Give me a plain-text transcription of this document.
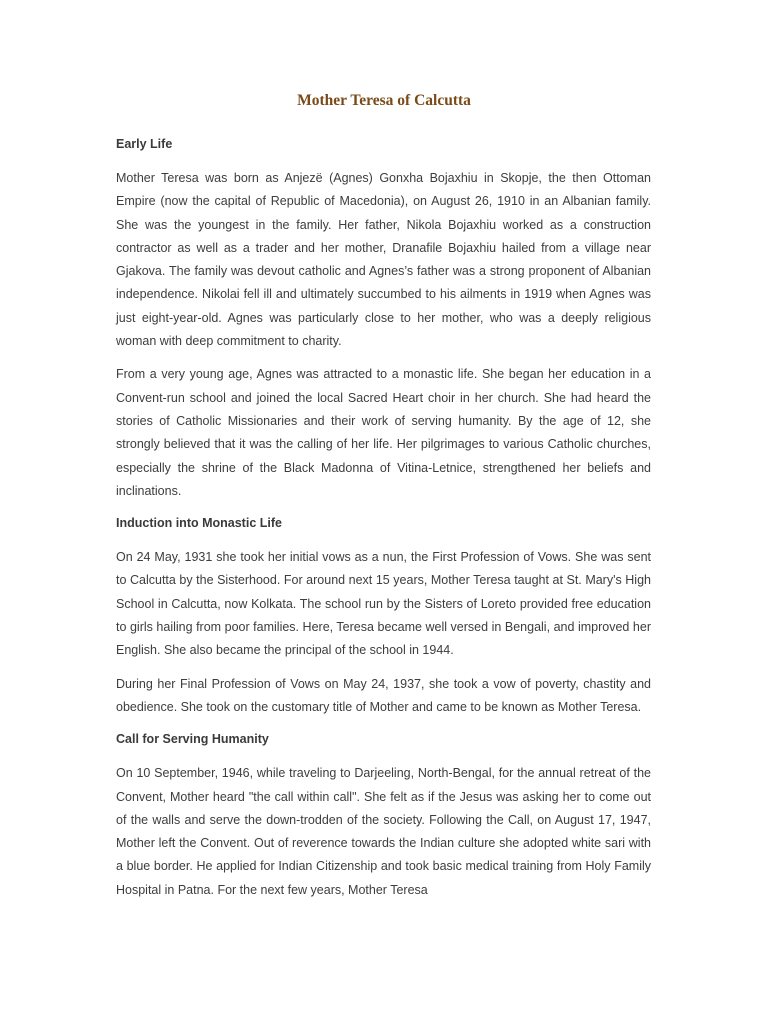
Mother Teresa of Calcutta
Early Life

Mother Teresa was born as Anjezë (Agnes) Gonxha Bojaxhiu in Skopje, the then Ottoman Empire (now the capital of Republic of Macedonia), on August 26, 1910 in an Albanian family. She was the youngest in the family. Her father, Nikola Bojaxhiu worked as a construction contractor as well as a trader and her mother, Dranafile Bojaxhiu hailed from a village near Gjakova. The family was devout catholic and Agnes’s father was a strong proponent of Albanian independence. Nikolai fell ill and ultimately succumbed to his ailments in 1919 when Agnes was just eight-year-old. Agnes was particularly close to her mother, who was a deeply religious woman with deep commitment to charity.

From a very young age, Agnes was attracted to a monastic life. She began her education in a Convent-run school and joined the local Sacred Heart choir in her church. She had heard the stories of Catholic Missionaries and their work of serving humanity. By the age of 12, she strongly believed that it was the calling of her life. Her pilgrimages to various Catholic churches, especially the shrine of the Black Madonna of Vitina-Letnice, strengthened her beliefs and inclinations.

Induction into Monastic Life

On 24 May, 1931 she took her initial vows as a nun, the First Profession of Vows. She was sent to Calcutta by the Sisterhood. For around next 15 years, Mother Teresa taught at St. Mary's High School in Calcutta, now Kolkata. The school run by the Sisters of Loreto provided free education to girls hailing from poor families. Here, Teresa became well versed in Bengali, and improved her English. She also became the principal of the school in 1944.

During her Final Profession of Vows on May 24, 1937, she took a vow of poverty, chastity and obedience. She took on the customary title of Mother and came to be known as Mother Teresa.

Call for Serving Humanity

On 10 September, 1946, while traveling to Darjeeling, North-Bengal, for the annual retreat of the Convent, Mother heard "the call within call". She felt as if the Jesus was asking her to come out of the walls and serve the down-trodden of the society. Following the Call, on August 17, 1947, Mother left the Convent. Out of reverence towards the Indian culture she adopted white sari with a blue border. He applied for Indian Citizenship and took basic medical training from Holy Family Hospital in Patna. For the next few years, Mother Teresa
